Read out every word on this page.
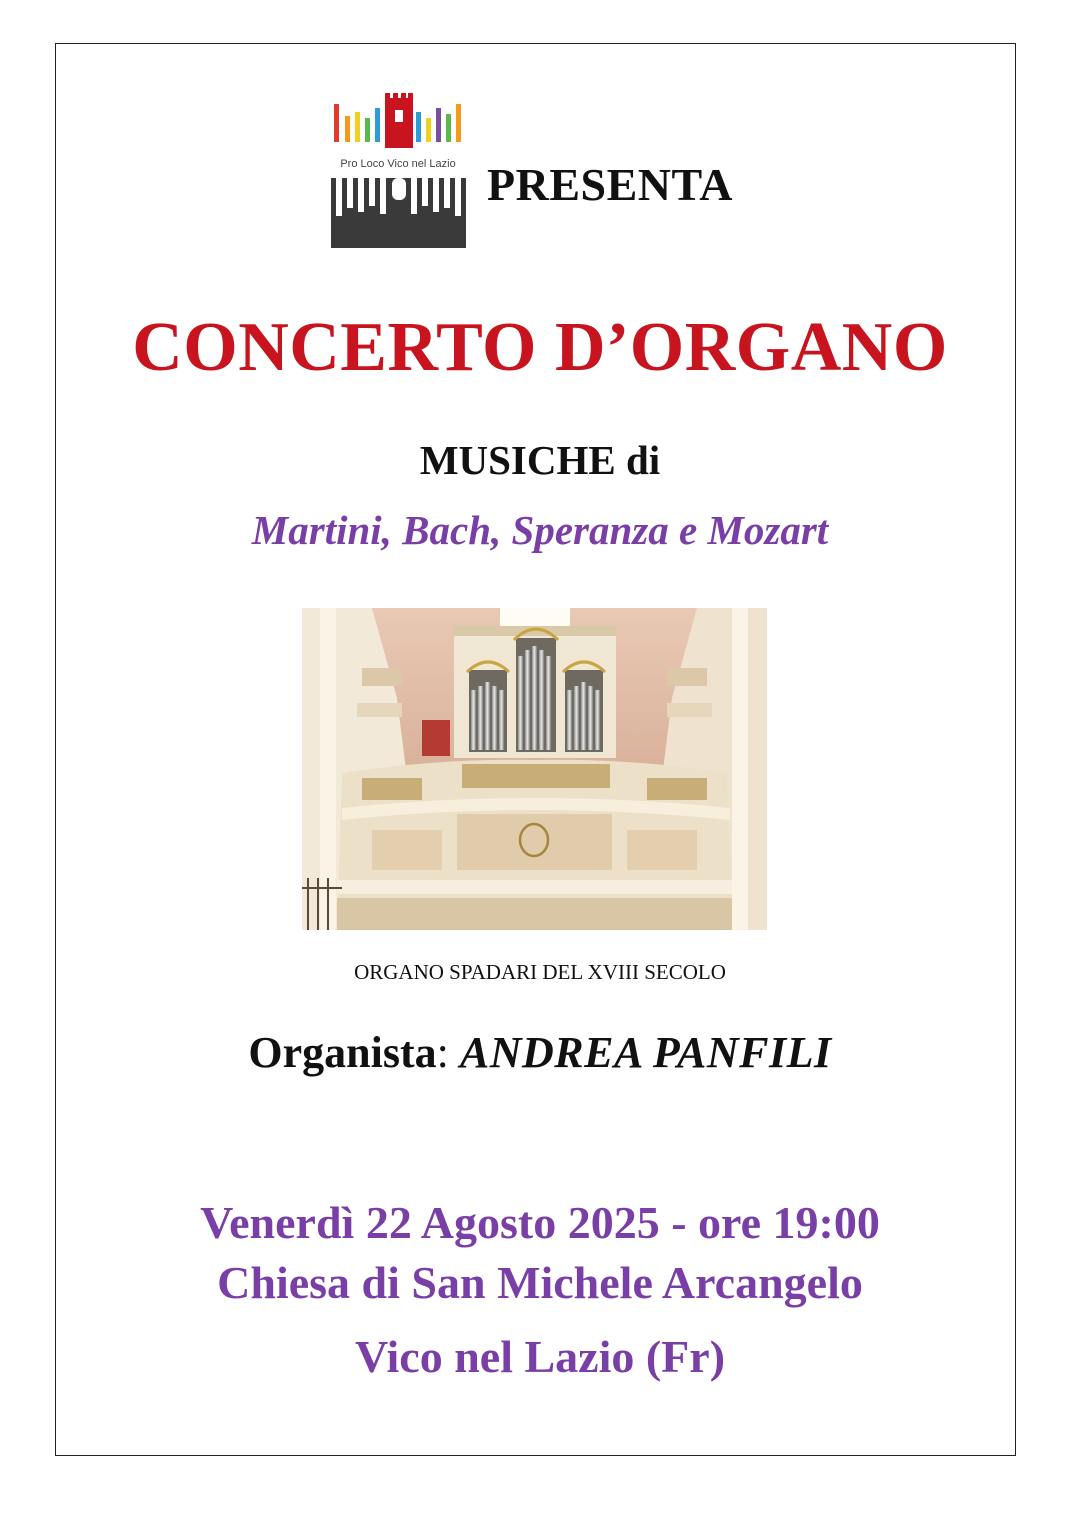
Pro Loco Vico nel Lazio PRESENTA
CONCERTO D’ORGANO
MUSICHE di
Martini, Bach, Speranza e Mozart
ORGANO SPADARI DEL XVIII SECOLO
Organista: ANDREA PANFILI
Venerdì 22 Agosto 2025 - ore 19:00
Chiesa di San Michele Arcangelo
Vico nel Lazio (Fr)
